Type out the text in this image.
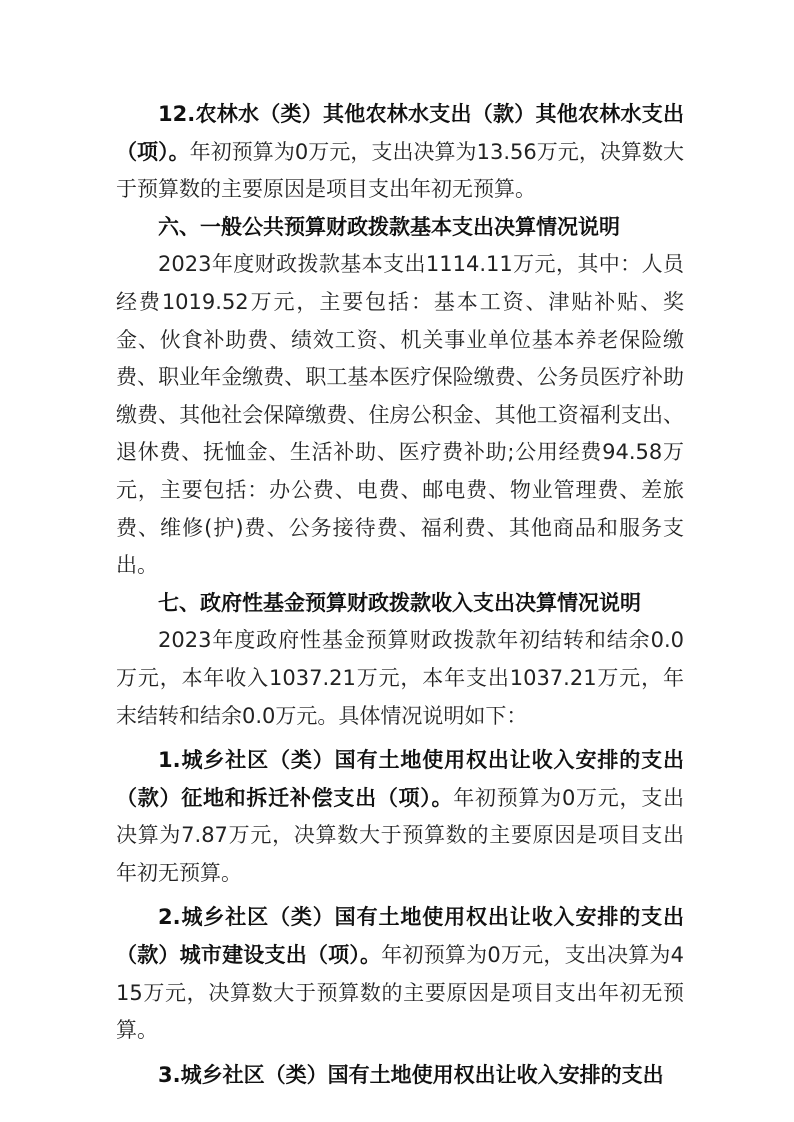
12.农林水（类）其他农林水支出（款）其他农林水支出（项）。年初预算为0万元，支出决算为13.56万元，决算数大于预算数的主要原因是项目支出年初无预算。

六、一般公共预算财政拨款基本支出决算情况说明

2023年度财政拨款基本支出1114.11万元，其中：人员经费1019.52万元，主要包括：基本工资、津贴补贴、奖金、伙食补助费、绩效工资、机关事业单位基本养老保险缴费、职业年金缴费、职工基本医疗保险缴费、公务员医疗补助缴费、其他社会保障缴费、住房公积金、其他工资福利支出、退休费、抚恤金、生活补助、医疗费补助;公用经费94.58万元，主要包括：办公费、电费、邮电费、物业管理费、差旅费、维修(护)费、公务接待费、福利费、其他商品和服务支出。

七、政府性基金预算财政拨款收入支出决算情况说明

2023年度政府性基金预算财政拨款年初结转和结余0.0万元，本年收入1037.21万元，本年支出1037.21万元，年末结转和结余0.0万元。具体情况说明如下：

1.城乡社区（类）国有土地使用权出让收入安排的支出（款）征地和拆迁补偿支出（项）。年初预算为0万元，支出决算为7.87万元，决算数大于预算数的主要原因是项目支出年初无预算。

2.城乡社区（类）国有土地使用权出让收入安排的支出（款）城市建设支出（项）。年初预算为0万元，支出决算为415万元，决算数大于预算数的主要原因是项目支出年初无预算。

3.城乡社区（类）国有土地使用权出让收入安排的支出
